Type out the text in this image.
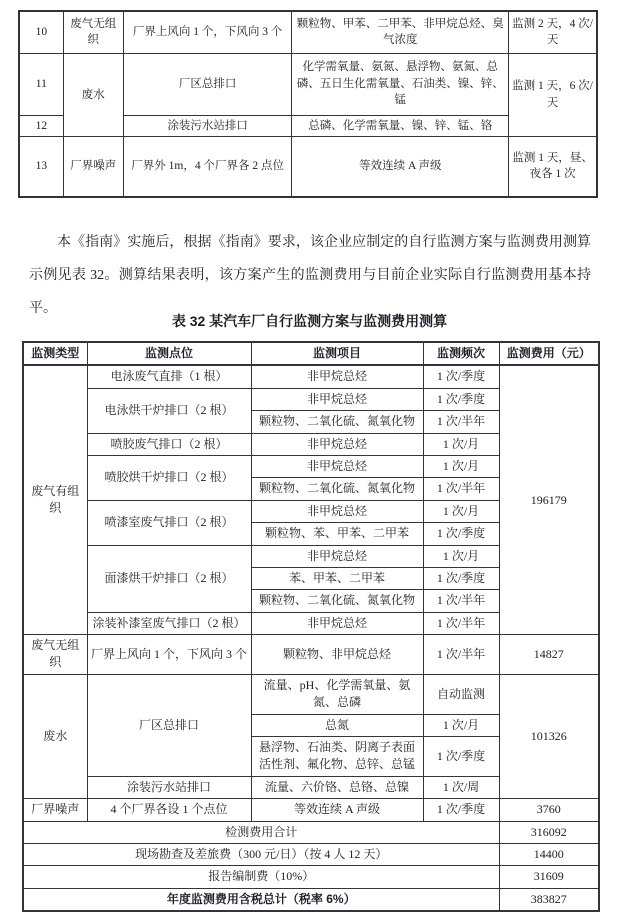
10	废气无组织	厂界上风向 1 个，下风向 3 个	颗粒物、甲苯、二甲苯、非甲烷总烃、臭气浓度	监测 2 天，4 次/天
11	废水	厂区总排口	化学需氧量、氨氮、悬浮物、氨氮、总磷、五日生化需氧量、石油类、镍、锌、锰	监测 1 天，6 次/天
12		涂装污水站排口	总磷、化学需氧量、镍、锌、锰、铬	
13	厂界噪声	厂界外 1m，4 个厂界各 2 点位	等效连续 A 声级	监测 1 天，昼、夜各 1 次

本《指南》实施后，根据《指南》要求，该企业应制定的自行监测方案与监测费用测算示例见表 32。测算结果表明，该方案产生的监测费用与目前企业实际自行监测费用基本持平。

表 32 某汽车厂自行监测方案与监测费用测算
监测类型	监测点位	监测项目	监测频次	监测费用（元）
废气有组织	电泳废气直排（1 根）	非甲烷总烃	1 次/季度	196179
	电泳烘干炉排口（2 根）	非甲烷总烃	1 次/季度	
		颗粒物、二氧化硫、氮氧化物	1 次/半年	
	喷胶废气排口（2 根）	非甲烷总烃	1 次/月	
	喷胶烘干炉排口（2 根）	非甲烷总烃	1 次/月	
		颗粒物、二氧化硫、氮氧化物	1 次/半年	
	喷漆室废气排口（2 根）	非甲烷总烃	1 次/月	
		颗粒物、苯、甲苯、二甲苯	1 次/季度	
	面漆烘干炉排口（2 根）	非甲烷总烃	1 次/月	
		苯、甲苯、二甲苯	1 次/季度	
		颗粒物、二氧化硫、氮氧化物	1 次/半年	
	涂装补漆室废气排口（2 根）	非甲烷总烃	1 次/半年	
废气无组织	厂界上风向 1 个，下风向 3 个	颗粒物、非甲烷总烃	1 次/半年	14827
废水	厂区总排口	流量、pH、化学需氧量、氨氮、总磷	自动监测	101326
		总氮	1 次/月	
		悬浮物、石油类、阴离子表面活性剂、氟化物、总锌、总锰	1 次/季度	
	涂装污水站排口	流量、六价铬、总铬、总镍	1 次/周	
厂界噪声	4 个厂界各设 1 个点位	等效连续 A 声级	1 次/季度	3760
检测费用合计				316092
现场勘查及差旅费（300 元/日）（按 4 人 12 天）				14400
报告编制费（10%）				31609
年度监测费用含税总计（税率 6%）				383827
